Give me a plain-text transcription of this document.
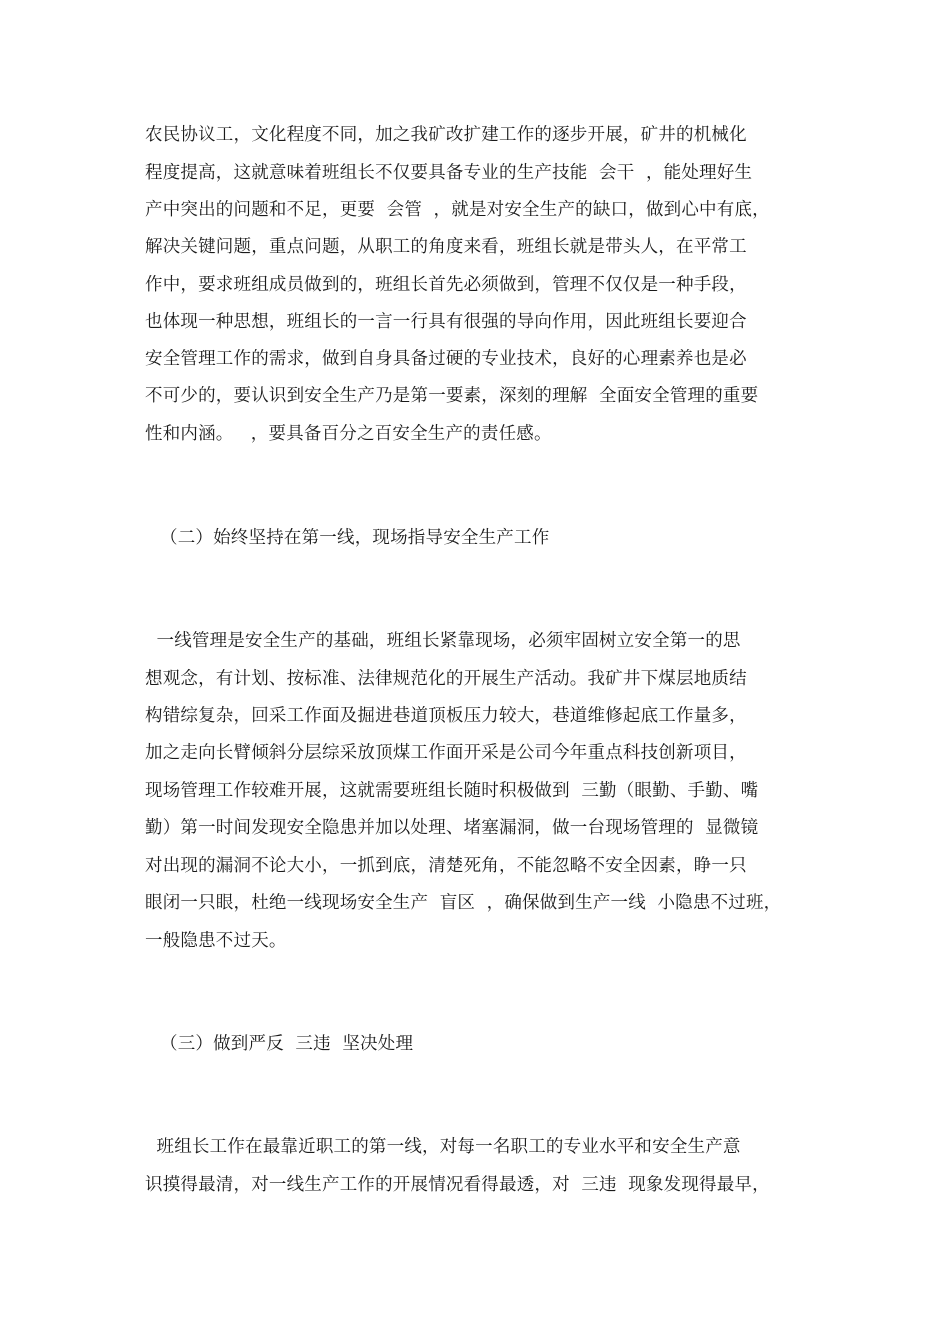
农民协议工，文化程度不同，加之我矿改扩建工作的逐步开展，矿井的机械化
程度提高，这就意味着班组长不仅要具备专业的生产技能  会干  ，能处理好生
产中突出的问题和不足，更要  会管  ，就是对安全生产的缺口，做到心中有底，
解决关键问题，重点问题，从职工的角度来看，班组长就是带头人，在平常工
作中，要求班组成员做到的，班组长首先必须做到，管理不仅仅是一种手段，
也体现一种思想，班组长的一言一行具有很强的导向作用，因此班组长要迎合
安全管理工作的需求，做到自身具备过硬的专业技术，良好的心理素养也是必
不可少的，要认识到安全生产乃是第一要素，深刻的理解  全面安全管理的重要
性和内涵。   ，要具备百分之百安全生产的责任感。
（二）始终坚持在第一线，现场指导安全生产工作
一线管理是安全生产的基础，班组长紧靠现场，必须牢固树立安全第一的思
想观念，有计划、按标准、法律规范化的开展生产活动。我矿井下煤层地质结
构错综复杂，回采工作面及掘进巷道顶板压力较大，巷道维修起底工作量多，
加之走向长臂倾斜分层综采放顶煤工作面开采是公司今年重点科技创新项目，
现场管理工作较难开展，这就需要班组长随时积极做到  三勤（眼勤、手勤、嘴
勤）第一时间发现安全隐患并加以处理、堵塞漏洞，做一台现场管理的  显微镜
对出现的漏洞不论大小，一抓到底，清楚死角，不能忽略不安全因素，睁一只
眼闭一只眼，杜绝一线现场安全生产  盲区  ，确保做到生产一线  小隐患不过班，
一般隐患不过天。
（三）做到严反  三违  坚决处理
班组长工作在最靠近职工的第一线，对每一名职工的专业水平和安全生产意
识摸得最清，对一线生产工作的开展情况看得最透，对  三违  现象发现得最早，
